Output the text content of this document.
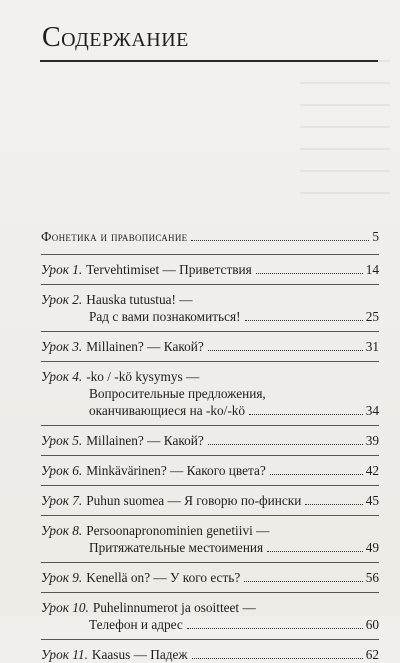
Содержание
Фонетика и правописание	5
Урок 1. Tervehtimiset — Приветствия	14
Урок 2. Hauska tutustua! —
Рад с вами познакомиться!	25
Урок 3. Millainen? — Какой?	31
Урок 4. -ko / -kö kysymys —
Вопросительные предложения,
оканчивающиеся на -ko/-kö	34
Урок 5. Millainen? — Какой?	39
Урок 6. Minkävärinen? — Какого цвета?	42
Урок 7. Puhun suomea — Я говорю по-фински	45
Урок 8. Persoonapronominien genetiivi —
Притяжательные местоимения	49
Урок 9. Kenellä on? — У кого есть?	56
Урок 10. Puhelinnumerot ja osoitteet —
Телефон и адрес	60
Урок 11. Kaasus — Падеж	62
